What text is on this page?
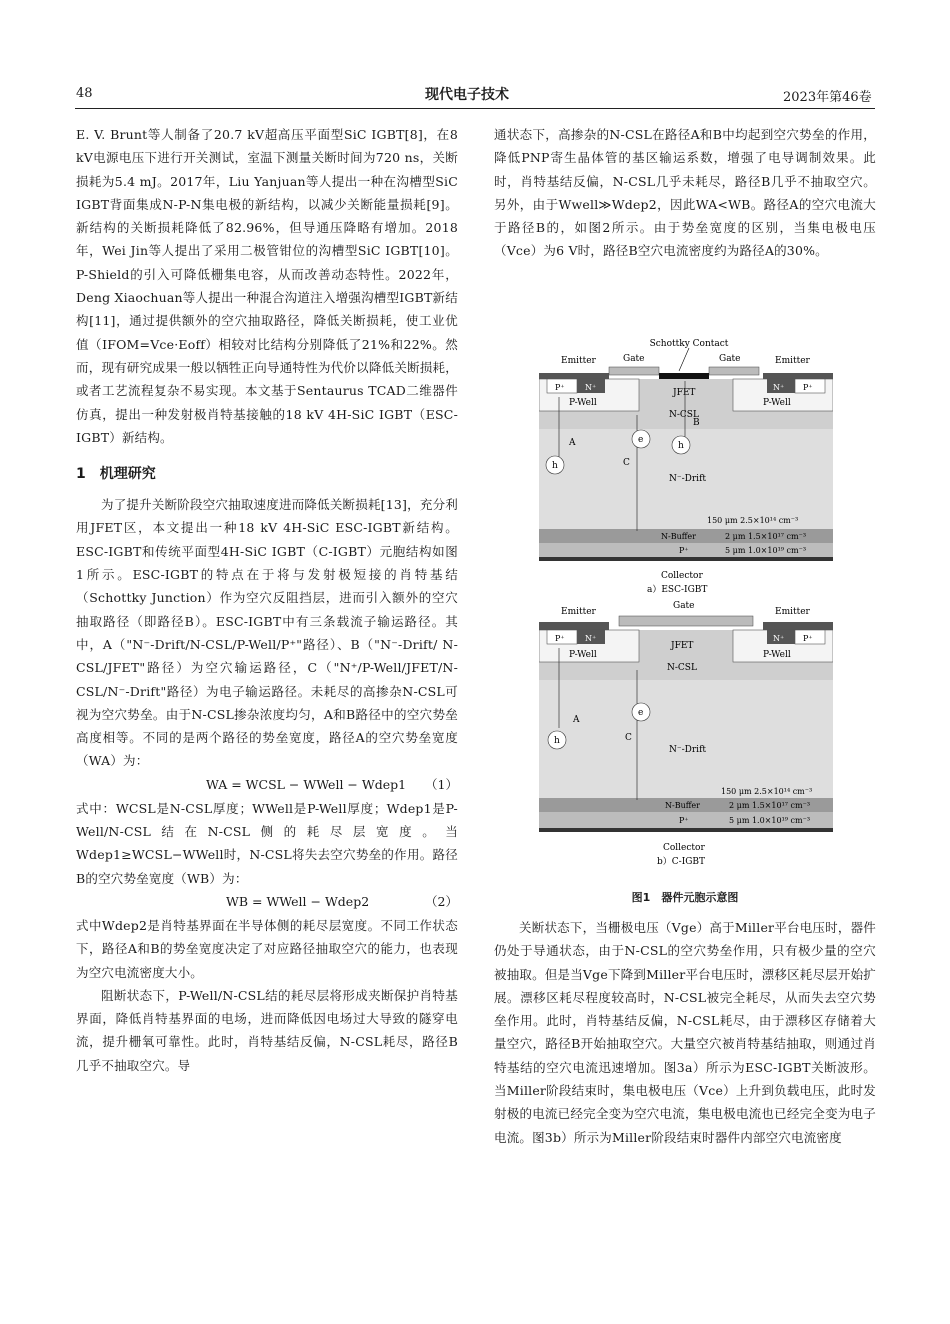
48	现代电子技术	2023年第46卷

E. V. Brunt等人制备了20.7 kV超高压平面型SiC IGBT[8]，在8 kV电源电压下进行开关测试，室温下测量关断时间为720 ns，关断损耗为5.4 mJ。2017年，Liu Yanjuan等人提出一种在沟槽型SiC IGBT背面集成N-P-N集电极的新结构，以减少关断能量损耗[9]。新结构的关断损耗降低了82.96%，但导通压降略有增加。2018年，Wei Jin等人提出了采用二极管钳位的沟槽型SiC IGBT[10]。P-Shield的引入可降低栅集电容，从而改善动态特性。2022年，Deng Xiaochuan等人提出一种混合沟道注入增强沟槽型IGBT新结构[11]，通过提供额外的空穴抽取路径，降低关断损耗，使工业优值（IFOM=Vce·Eoff）相较对比结构分别降低了21%和22%。然而，现有研究成果一般以牺牲正向导通特性为代价以降低关断损耗，或者工艺流程复杂不易实现。本文基于Sentaurus TCAD二维器件仿真，提出一种发射极肖特基接触的18 kV 4H-SiC IGBT（ESC-IGBT）新结构。

1　机理研究

为了提升关断阶段空穴抽取速度进而降低关断损耗[13]，充分利用JFET区，本文提出一种18 kV 4H-SiC ESC-IGBT新结构。ESC-IGBT和传统平面型4H-SiC IGBT（C-IGBT）元胞结构如图1所示。ESC-IGBT的特点在于将与发射极短接的肖特基结（Schottky Junction）作为空穴反阻挡层，进而引入额外的空穴抽取路径（即路径B）。ESC-IGBT中有三条载流子输运路径。其中，A（"N⁻-Drift/N-CSL/P-Well/P⁺"路径）、B（"N⁻-Drift/ N-CSL/JFET"路径）为空穴输运路径，C（"N⁺/P-Well/JFET/N-CSL/N⁻-Drift"路径）为电子输运路径。未耗尽的高掺杂N-CSL可视为空穴势垒。由于N-CSL掺杂浓度均匀，A和B路径中的空穴势垒高度相等。不同的是两个路径的势垒宽度，路径A的空穴势垒宽度（WA）为：

WA = WCSL − WWell − Wdep1 （1）

式中：WCSL是N-CSL厚度；WWell是P-Well厚度；Wdep1是P-Well/N-CSL结在N-CSL侧的耗尽层宽度。当Wdep1≥WCSL−WWell时，N-CSL将失去空穴势垒的作用。路径B的空穴势垒宽度（WB）为：

WB = WWell − Wdep2	（2）

式中Wdep2是肖特基界面在半导体侧的耗尽层宽度。不同工作状态下，路径A和B的势垒宽度决定了对应路径抽取空穴的能力，也表现为空穴电流密度大小。

阻断状态下，P-Well/N-CSL结的耗尽层将形成夹断保护肖特基界面，降低肖特基界面的电场，进而降低因电场过大导致的隧穿电流，提升栅氧可靠性。此时，肖特基结反偏，N-CSL耗尽，路径B几乎不抽取空穴。导

通状态下，高掺杂的N-CSL在路径A和B中均起到空穴势垒的作用，降低PNP寄生晶体管的基区输运系数，增强了电导调制效果。此时，肖特基结反偏，N-CSL几乎未耗尽，路径B几乎不抽取空穴。另外，由于Wwell≫Wdep2，因此WA<WB。路径A的空穴电流大于路径B的，如图2所示。由于势垒宽度的区别，当集电极电压（Vce）为6 V时，路径B空穴电流密度约为路径A的30%。

Schottky Contact
Emitter	Gate	Gate	Emitter
P⁺	N⁺
P-Well
P⁺
N⁺
P-Well
JFET
N-CSL
A
B
C
h
h
e
N⁻-Drift
150 μm 2.5×10¹⁴ cm⁻³
N-Buffer	2 μm 1.5×10¹⁷ cm⁻³
P⁺	5 μm 1.0×10¹⁹ cm⁻³
Collector
a）ESC-IGBT
Emitter
Gate
Emitter
P⁺	N⁺
P-Well
P⁺
N⁺
P-Well
JFET
N-CSL
A
C
h
e
N⁻-Drift
150 μm 2.5×10¹⁴ cm⁻³
N-Buffer	2 μm 1.5×10¹⁷ cm⁻³
P⁺	5 μm 1.0×10¹⁹ cm⁻³
Collector
b）C-IGBT
图1　器件元胞示意图

关断状态下，当栅极电压（Vge）高于Miller平台电压时，器件仍处于导通状态，由于N-CSL的空穴势垒作用，只有极少量的空穴被抽取。但是当Vge下降到Miller平台电压时，漂移区耗尽层开始扩展。漂移区耗尽程度较高时，N-CSL被完全耗尽，从而失去空穴势垒作用。此时，肖特基结反偏，N-CSL耗尽，由于漂移区存储着大量空穴，路径B开始抽取空穴。大量空穴被肖特基结抽取，则通过肖特基结的空穴电流迅速增加。图3a）所示为ESC-IGBT关断波形。当Miller阶段结束时，集电极电压（Vce）上升到负载电压，此时发射极的电流已经完全变为空穴电流，集电极电流也已经完全变为电子电流。图3b）所示为Miller阶段结束时器件内部空穴电流密度
